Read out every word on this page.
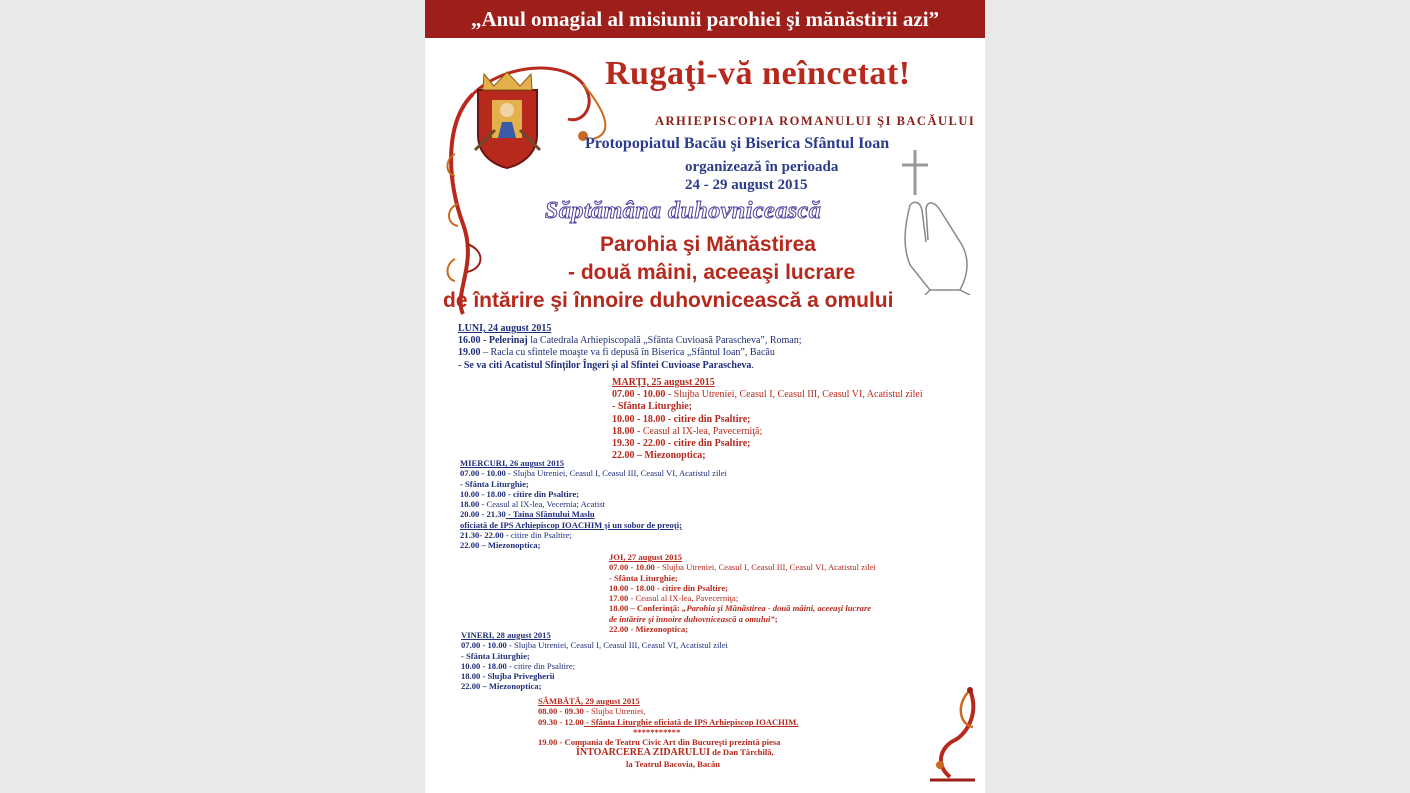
„Anul omagial al misiunii parohiei şi mănăstirii azi”
Rugaţi-vă neîncetat!
ARHIEPISCOPIA ROMANULUI ŞI BACĂULUI
Protopopiatul Bacău şi Biserica Sfântul Ioan
organizează în perioada
24 - 29 august 2015
Săptămâna duhovnicească
Parohia şi Mănăstirea
- două mâini, aceeaşi lucrare
de întărire şi înnoire duhovnicească a omului
LUNI, 24 august 2015
16.00 - Pelerinaj la Catedrala Arhiepiscopală „Sfânta Cuvioasă Parascheva”, Roman;
19.00 – Racla cu sfintele moaşte va fi depusă în Biserica „Sfântul Ioan”, Bacău
- Se va citi Acatistul Sfinţilor Îngeri şi al Sfintei Cuvioase Parascheva.
MARŢI, 25 august 2015
07.00 - 10.00 - Slujba Utreniei, Ceasul I, Ceasul III, Ceasul VI, Acatistul zilei
- Sfânta Liturghie;
10.00 - 18.00 - citire din Psaltire;
18.00 - Ceasul al IX-lea, Pavecerniţă;
19.30 - 22.00 - citire din Psaltire;
22.00 – Miezonoptica;
MIERCURI, 26 august 2015
07.00 - 10.00 - Slujba Utreniei, Ceasul I, Ceasul III, Ceasul VI, Acatistul zilei
- Sfânta Liturghie;
10.00 - 18.00 - citire din Psaltire;
18.00 - Ceasul al IX-lea, Vecernia; Acatist
20.00 - 21.30 - Taina Sfântului Maslu
oficiată de IPS Arhiepiscop IOACHIM şi un sobor de preoţi;
21.30- 22.00 - citire din Psaltire;
22.00 – Miezonoptica;
JOI, 27 august 2015
07.00 - 10.00 - Slujba Utreniei, Ceasul I, Ceasul III, Ceasul VI, Acatistul zilei
- Sfânta Liturghie;
10.00 - 18.00 - citire din Psaltire;
17.00 - Ceasul al IX-lea, Pavecerniţa;
18.00 – Conferinţă: „Parohia şi Mănăstirea - două mâini, aceeaşi lucrare
de întărire şi înnoire duhovnicească a omului”;
22.00 - Miezonoptica;
VINERI, 28 august 2015
07.00 - 10.00 - Slujba Utreniei, Ceasul I, Ceasul III, Ceasul VI, Acatistul zilei
- Sfânta Liturghie;
10.00 - 18.00 - citire din Psaltire;
18.00 - Slujba Privegherii
22.00 – Miezonoptica;
SÂMBĂTĂ, 29 august 2015
08.00 - 09.30 - Slujba Utreniei,
09.30 - 12.00 - Sfânta Liturghie oficiată de IPS Arhiepiscop IOACHIM.
***********
19.00 - Compania de Teatru Civic Art din Bucureşti prezintă piesa
ÎNTOARCEREA ZIDARULUI de Dan Târchilă,
la Teatrul Bacovia, Bacău
